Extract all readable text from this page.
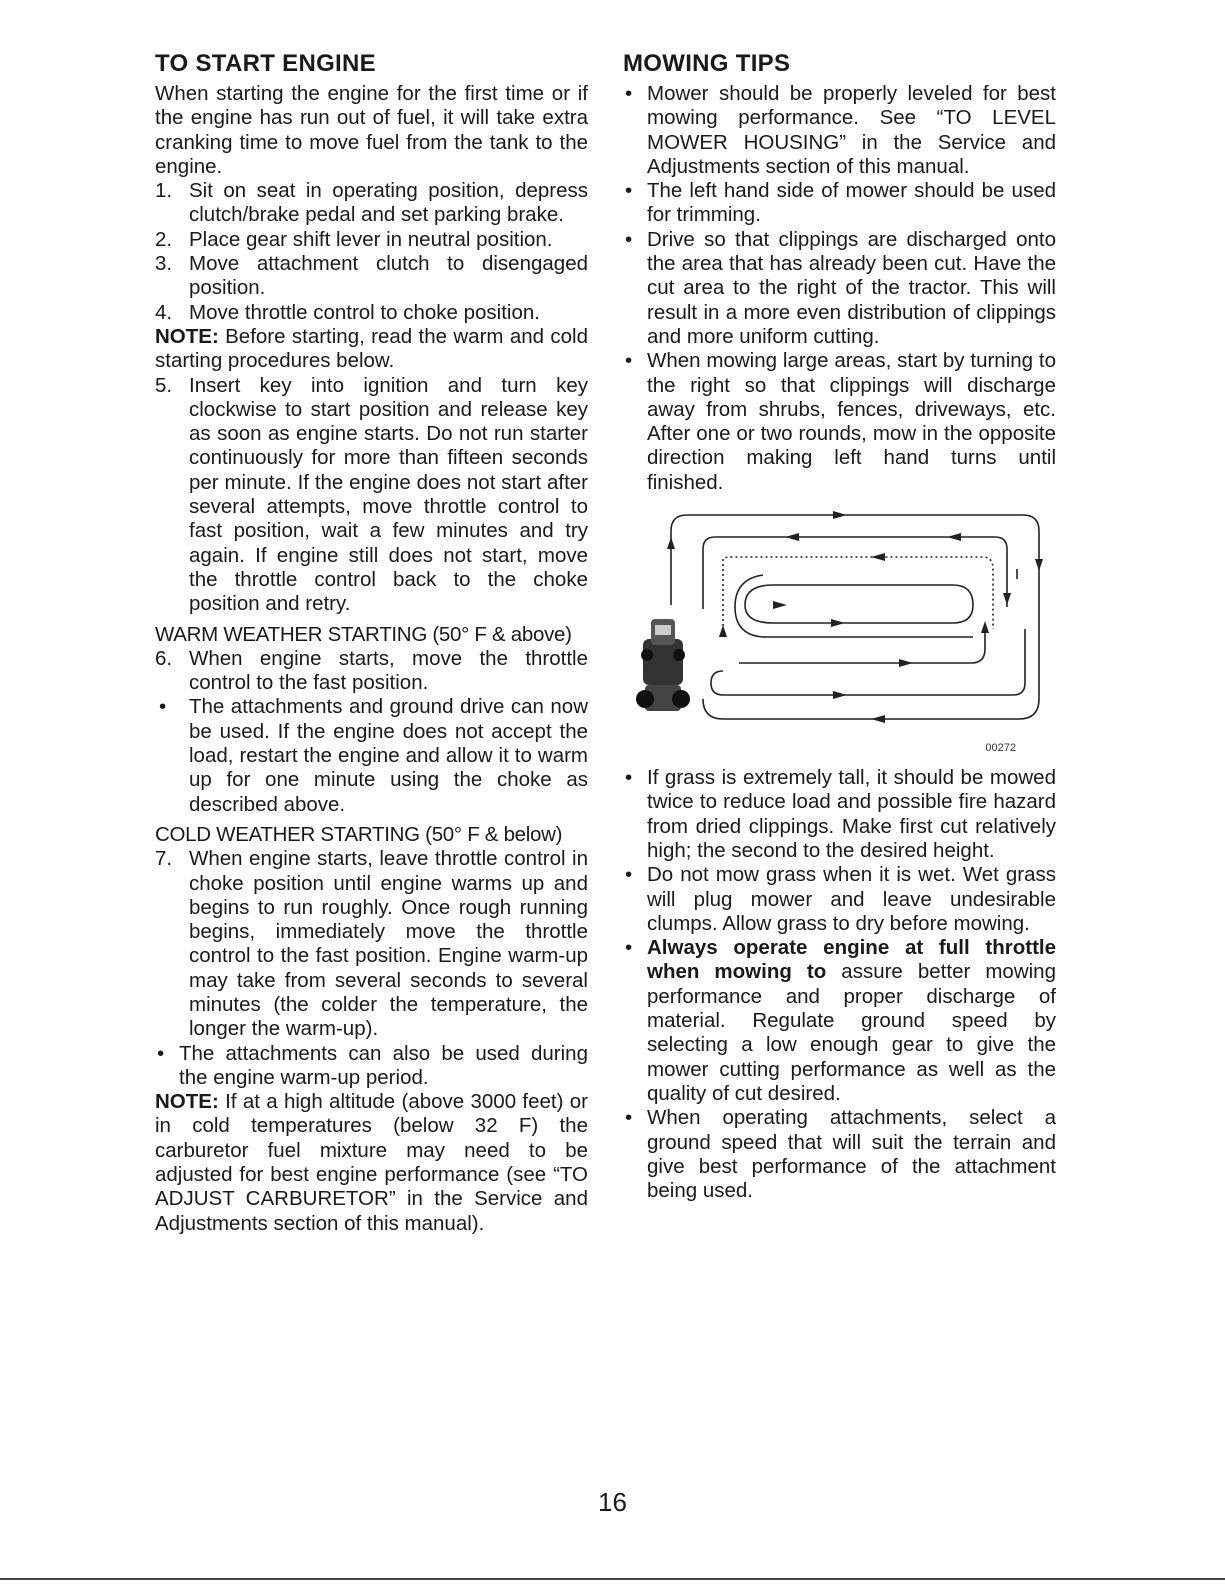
TO START ENGINE

When starting the engine for the first time or if the engine has run out of fuel, it will take extra cranking time to move fuel from the tank to the engine.

1. Sit on seat in operating position, depress clutch/brake pedal and set parking brake.
2. Place gear shift lever in neutral position.
3. Move attachment clutch to disengaged position.
4. Move throttle control to choke position.

NOTE: Before starting, read the warm and cold starting procedures below.

5. Insert key into ignition and turn key clockwise to start position and release key as soon as engine starts. Do not run starter continuously for more than fifteen seconds per minute. If the engine does not start after several attempts, move throttle control to fast position, wait a few minutes and try again. If engine still does not start, move the throttle control back to the choke position and retry.

WARM WEATHER STARTING (50° F & above)

6. When engine starts, move the throttle control to the fast position.
• The attachments and ground drive can now be used. If the engine does not accept the load, restart the engine and allow it to warm up for one minute using the choke as described above.

COLD WEATHER STARTING (50° F & below)

7. When engine starts, leave throttle control in choke position until engine warms up and begins to run roughly. Once rough running begins, immediately move the throttle control to the fast position. Engine warm-up may take from several seconds to several minutes (the colder the temperature, the longer the warm-up).
• The attachments can also be used during the engine warm-up period.

NOTE: If at a high altitude (above 3000 feet) or in cold temperatures (below 32 F) the carburetor fuel mixture may need to be adjusted for best engine performance (see “TO ADJUST CARBURETOR” in the Service and Adjustments section of this manual).

MOWING TIPS
• Mower should be properly leveled for best mowing performance. See “TO LEVEL MOWER HOUSING” in the Service and Adjustments section of this manual.
• The left hand side of mower should be used for trimming.
• Drive so that clippings are discharged onto the area that has already been cut. Have the cut area to the right of the tractor. This will result in a more even distribution of clippings and more uniform cutting.
• When mowing large areas, start by turning to the right so that clippings will discharge away from shrubs, fences, driveways, etc. After one or two rounds, mow in the opposite direction making left hand turns until finished.
00272
• If grass is extremely tall, it should be mowed twice to reduce load and possible fire hazard from dried clippings. Make first cut relatively high; the second to the desired height.
• Do not mow grass when it is wet. Wet grass will plug mower and leave undesirable clumps. Allow grass to dry before mowing.
• Always operate engine at full throttle when mowing to assure better mowing performance and proper discharge of material. Regulate ground speed by selecting a low enough gear to give the mower cutting performance as well as the quality of cut desired.
• When operating attachments, select a ground speed that will suit the terrain and give best performance of the attachment being used.
16
